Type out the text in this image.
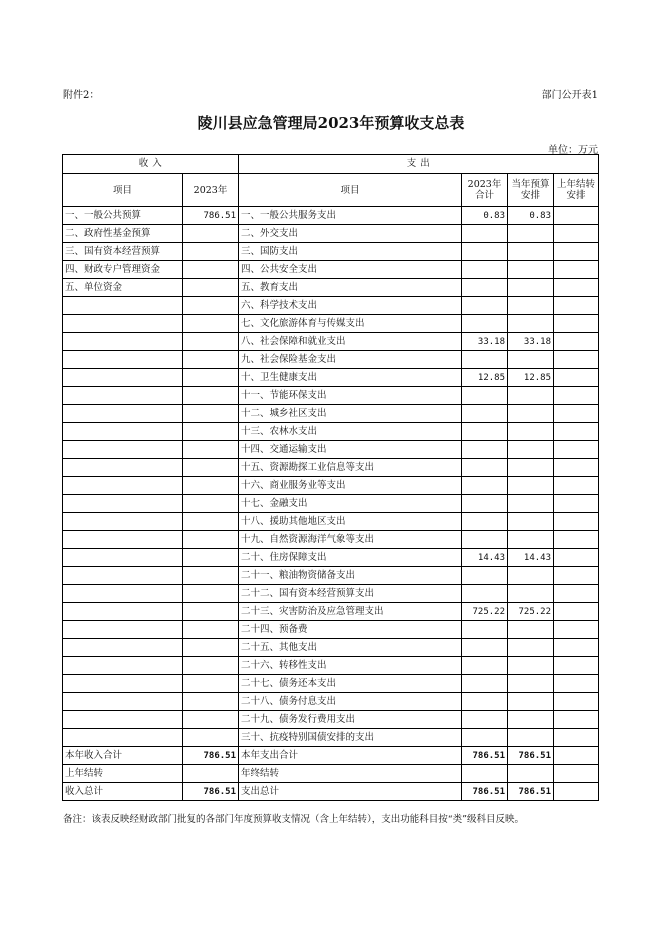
附件2：	部门公开表1
陵川县应急管理局2023年预算收支总表
单位：万元
收 入		支 出			
项目	2023年	项目	2023年合计	当年预算安排	上年结转安排
一、一般公共预算	786.51	一、一般公共服务支出	0.83	0.83	
二、政府性基金预算		二、外交支出			
三、国有资本经营预算		三、国防支出			
四、财政专户管理资金		四、公共安全支出			
五、单位资金		五、教育支出			
		六、科学技术支出			
		七、文化旅游体育与传媒支出			
		八、社会保障和就业支出	33.18	33.18	
		九、社会保险基金支出			
		十、卫生健康支出	12.85	12.85	
		十一、节能环保支出			
		十二、城乡社区支出			
		十三、农林水支出			
		十四、交通运输支出			
		十五、资源勘探工业信息等支出			
		十六、商业服务业等支出			
		十七、金融支出			
		十八、援助其他地区支出			
		十九、自然资源海洋气象等支出			
		二十、住房保障支出	14.43	14.43	
		二十一、粮油物资储备支出			
		二十二、国有资本经营预算支出			
		二十三、灾害防治及应急管理支出	725.22	725.22	
		二十四、预备费			
		二十五、其他支出			
		二十六、转移性支出			
		二十七、债务还本支出			
		二十八、债务付息支出			
		二十九、债务发行费用支出			
		三十、抗疫特别国债安排的支出			
本年收入合计	786.51	本年支出合计	786.51	786.51	
上年结转		年终结转			
收入总计	786.51	支出总计	786.51	786.51	
备注：该表反映经财政部门批复的各部门年度预算收支情况（含上年结转），支出功能科目按“类”级科目反映。
